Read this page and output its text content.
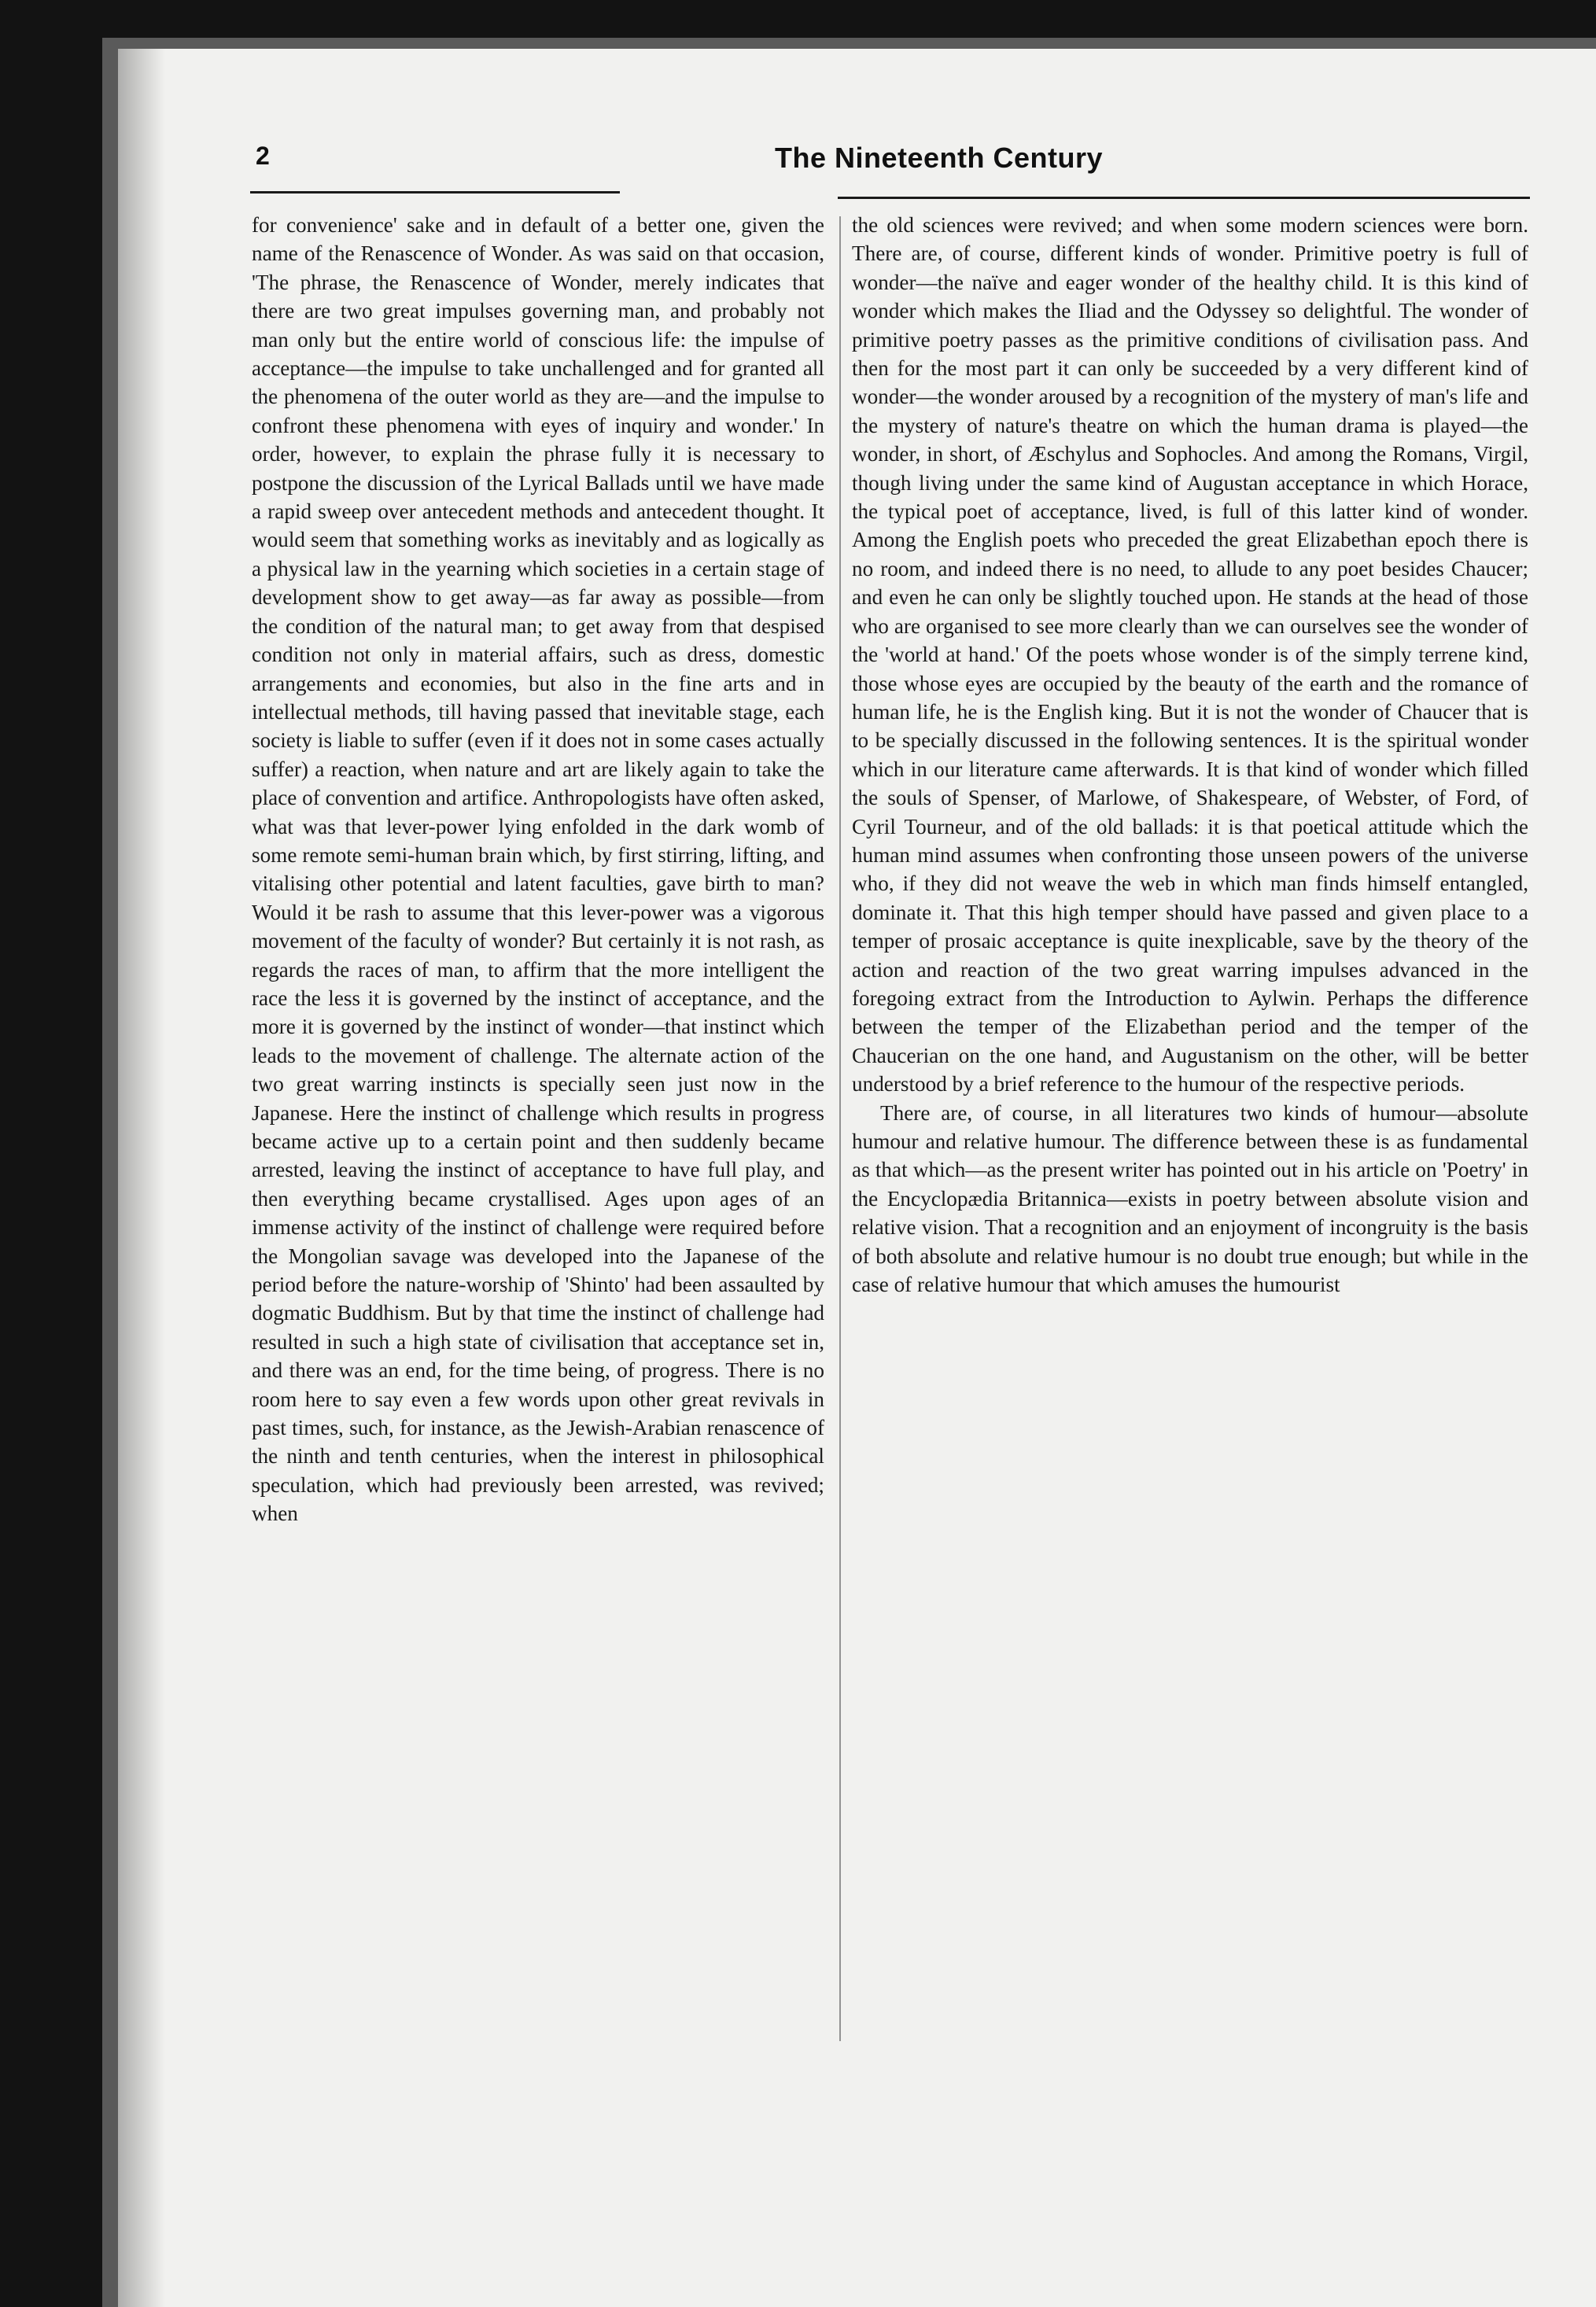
2	The Nineteenth Century

for convenience' sake and in default of a better one, given the name of the Renascence of Wonder. As was said on that occasion, 'The phrase, the Renascence of Wonder, merely indicates that there are two great impulses governing man, and probably not man only but the entire world of conscious life: the impulse of acceptance—the impulse to take unchallenged and for granted all the phenomena of the outer world as they are—and the impulse to confront these phenomena with eyes of inquiry and wonder.' In order, however, to explain the phrase fully it is necessary to postpone the discussion of the Lyrical Ballads until we have made a rapid sweep over antecedent methods and antecedent thought. It would seem that something works as inevitably and as logically as a physical law in the yearning which societies in a certain stage of development show to get away—as far away as possible—from the condition of the natural man; to get away from that despised condition not only in material affairs, such as dress, domestic arrangements and economies, but also in the fine arts and in intellectual methods, till having passed that inevitable stage, each society is liable to suffer (even if it does not in some cases actually suffer) a reaction, when nature and art are likely again to take the place of convention and artifice. Anthropologists have often asked, what was that lever-power lying enfolded in the dark womb of some remote semi-human brain which, by first stirring, lifting, and vitalising other potential and latent faculties, gave birth to man? Would it be rash to assume that this lever-power was a vigorous movement of the faculty of wonder? But certainly it is not rash, as regards the races of man, to affirm that the more intelligent the race the less it is governed by the instinct of acceptance, and the more it is governed by the instinct of wonder—that instinct which leads to the movement of challenge. The alternate action of the two great warring instincts is specially seen just now in the Japanese. Here the instinct of challenge which results in progress became active up to a certain point and then suddenly became arrested, leaving the instinct of acceptance to have full play, and then everything became crystallised. Ages upon ages of an immense activity of the instinct of challenge were required before the Mongolian savage was developed into the Japanese of the period before the nature-worship of 'Shinto' had been assaulted by dogmatic Buddhism. But by that time the instinct of challenge had resulted in such a high state of civilisation that acceptance set in, and there was an end, for the time being, of progress. There is no room here to say even a few words upon other great revivals in past times, such, for instance, as the Jewish-Arabian renascence of the ninth and tenth centuries, when the interest in philosophical speculation, which had previously been arrested, was revived; when

the old sciences were revived; and when some modern sciences were born. There are, of course, different kinds of wonder. Primitive poetry is full of wonder—the naïve and eager wonder of the healthy child. It is this kind of wonder which makes the Iliad and the Odyssey so delightful. The wonder of primitive poetry passes as the primitive conditions of civilisation pass. And then for the most part it can only be succeeded by a very different kind of wonder—the wonder aroused by a recognition of the mystery of man's life and the mystery of nature's theatre on which the human drama is played—the wonder, in short, of Æschylus and Sophocles. And among the Romans, Virgil, though living under the same kind of Augustan acceptance in which Horace, the typical poet of acceptance, lived, is full of this latter kind of wonder. Among the English poets who preceded the great Elizabethan epoch there is no room, and indeed there is no need, to allude to any poet besides Chaucer; and even he can only be slightly touched upon. He stands at the head of those who are organised to see more clearly than we can ourselves see the wonder of the 'world at hand.' Of the poets whose wonder is of the simply terrene kind, those whose eyes are occupied by the beauty of the earth and the romance of human life, he is the English king. But it is not the wonder of Chaucer that is to be specially discussed in the following sentences. It is the spiritual wonder which in our literature came afterwards. It is that kind of wonder which filled the souls of Spenser, of Marlowe, of Shakespeare, of Webster, of Ford, of Cyril Tourneur, and of the old ballads: it is that poetical attitude which the human mind assumes when confronting those unseen powers of the universe who, if they did not weave the web in which man finds himself entangled, dominate it. That this high temper should have passed and given place to a temper of prosaic acceptance is quite inexplicable, save by the theory of the action and reaction of the two great warring impulses advanced in the foregoing extract from the Introduction to Aylwin. Perhaps the difference between the temper of the Elizabethan period and the temper of the Chaucerian on the one hand, and Augustanism on the other, will be better understood by a brief reference to the humour of the respective periods.

There are, of course, in all literatures two kinds of humour—absolute humour and relative humour. The difference between these is as fundamental as that which—as the present writer has pointed out in his article on 'Poetry' in the Encyclopædia Britannica—exists in poetry between absolute vision and relative vision. That a recognition and an enjoyment of incongruity is the basis of both absolute and relative humour is no doubt true enough; but while in the case of relative humour that which amuses the humourist
